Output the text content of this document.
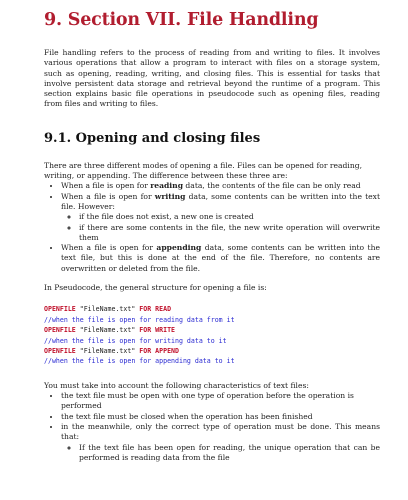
9. Section VII. File Handling

File handling refers to the process of reading from and writing to files. It involves various operations that allow a program to interact with files on a storage system, such as opening, reading, writing, and closing files. This is essential for tasks that involve persistent data storage and retrieval beyond the runtime of a program. This section explains basic file operations in pseudocode such as opening files, reading from files and writing to files.

9.1. Opening and closing files

There are three different modes of opening a file. Files can be opened for reading, writing, or appending. The difference between these three are:

• When a file is open for reading data, the contents of the file can be only read
• When a file is open for writing data, some contents can be written into the text file. However:
◦ if the file does not exist, a new one is created
◦ if there are some contents in the file, the new write operation will overwrite them
• When a file is open for appending data, some contents can be written into the text file, but this is done at the end of the file. Therefore, no contents are overwritten or deleted from the file.

In Pseudocode, the general structure for opening a file is:

OPENFILE "FileName.txt" FOR READ
//when the file is open for reading data from it
OPENFILE "FileName.txt" FOR WRITE
//when the file is open for writing data to it
OPENFILE "FileName.txt" FOR APPEND
//when the file is open for appending data to it

You must take into account the following characteristics of text files:

• the text file must be open with one type of operation before the operation is performed
• the text file must be closed when the operation has been finished
• in the meanwhile, only the correct type of operation must be done. This means that:
◦ If the text file has been open for reading, the unique operation that can be performed is reading data from the file
